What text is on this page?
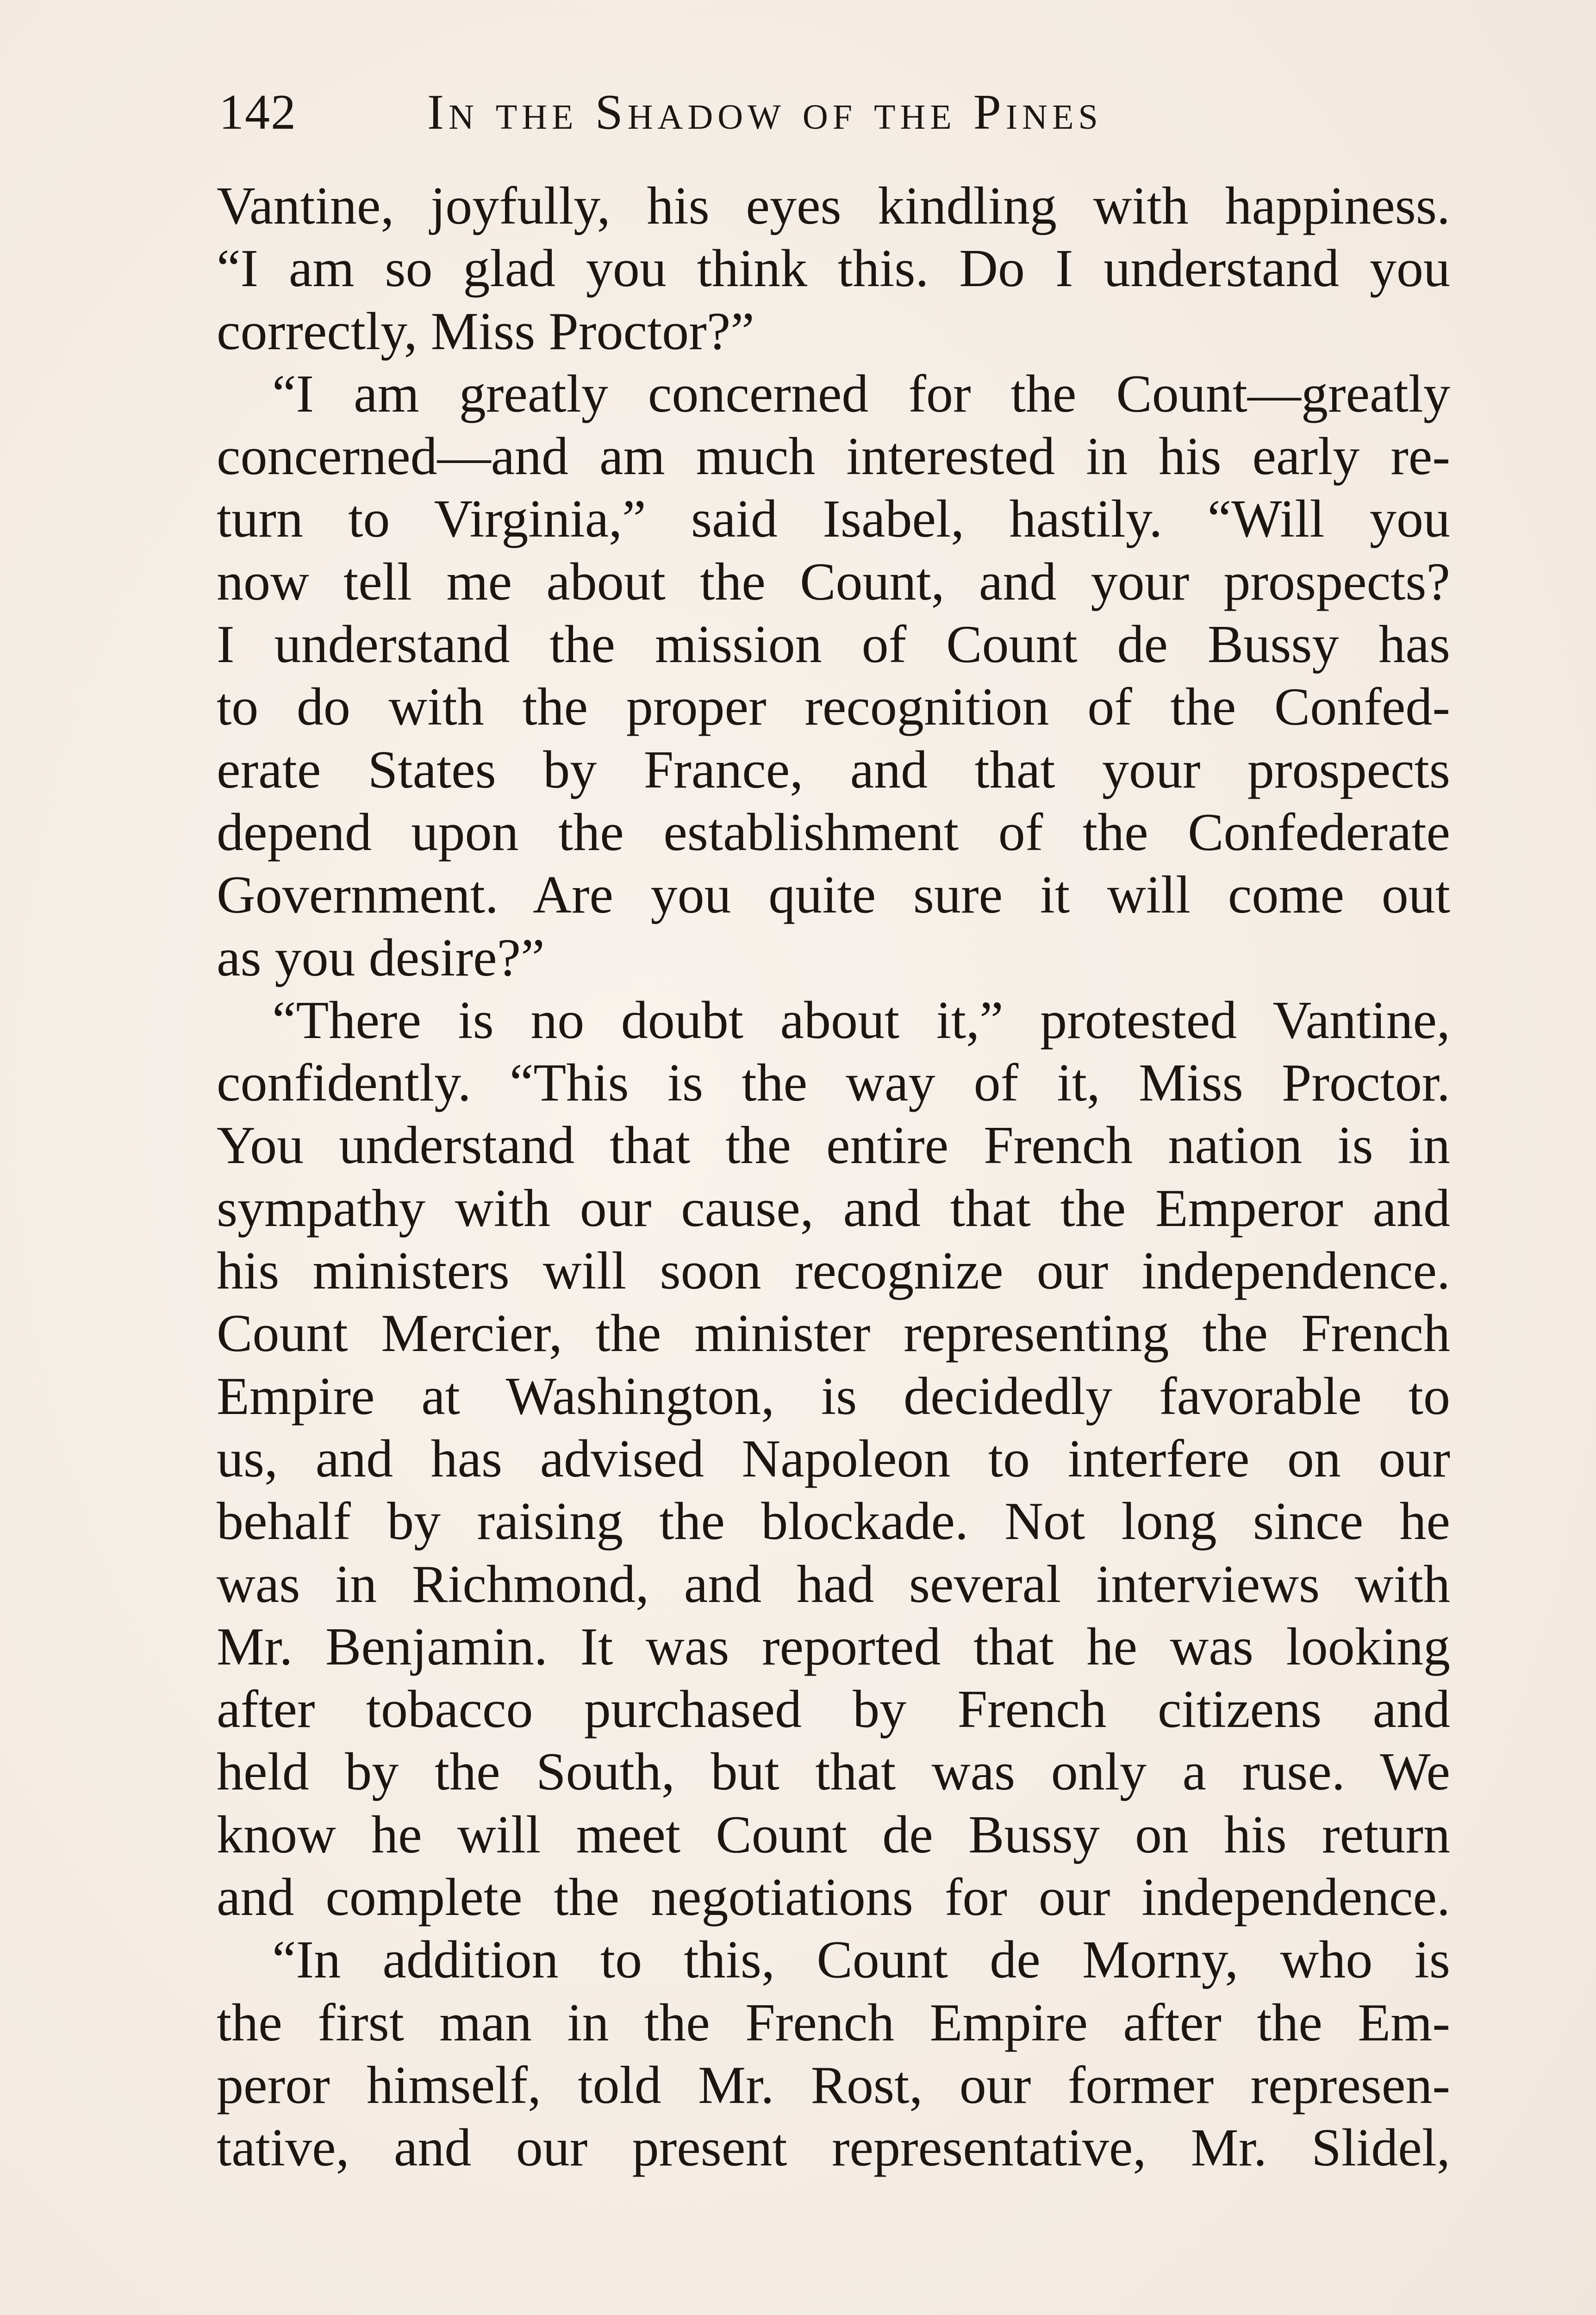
142	In the Shadow of the Pines
Vantine, joyfully, his eyes kindling with happiness.
“I am so glad you think this. Do I understand you
correctly, Miss Proctor?”
“I am greatly concerned for the Count—greatly
concerned—and am much interested in his early re-
turn to Virginia,” said Isabel, hastily. “Will you
now tell me about the Count, and your prospects?
I understand the mission of Count de Bussy has
to do with the proper recognition of the Confed-
erate States by France, and that your prospects
depend upon the establishment of the Confederate
Government. Are you quite sure it will come out
as you desire?”
“There is no doubt about it,” protested Vantine,
confidently. “This is the way of it, Miss Proctor.
You understand that the entire French nation is in
sympathy with our cause, and that the Emperor and
his ministers will soon recognize our independence.
Count Mercier, the minister representing the French
Empire at Washington, is decidedly favorable to
us, and has advised Napoleon to interfere on our
behalf by raising the blockade. Not long since he
was in Richmond, and had several interviews with
Mr. Benjamin. It was reported that he was looking
after tobacco purchased by French citizens and
held by the South, but that was only a ruse. We
know he will meet Count de Bussy on his return
and complete the negotiations for our independence.
“In addition to this, Count de Morny, who is
the first man in the French Empire after the Em-
peror himself, told Mr. Rost, our former represen-
tative, and our present representative, Mr. Slidel,
